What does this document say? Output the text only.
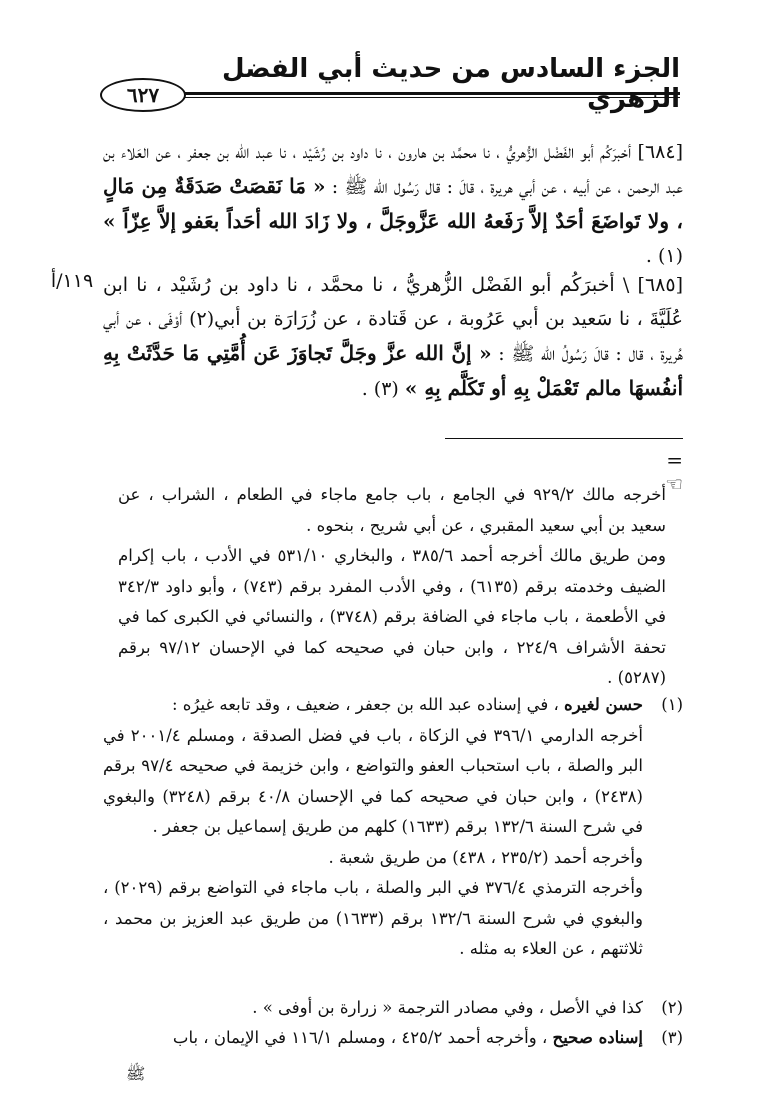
الجزء السادس من حديث أبي الفضل الزهري
٦٢٧
١١٩/أ
[٦٨٤] أخبرَكُم أبو الفَضْل الزُّهريُّ ، نا محمَّد بن هارون ، نا داود بن رُشَيْد ، نا عبد الله بن جعفر ، عن العَلاء بن عبد الرحمن ، عن أبيه ، عن أبي هريرة ، قالَ : قال رَسُول الله ﷺ : « مَا نَقصَتْ صَدَقَةٌ مِن مَالٍ ، ولا تَواضَعَ أحَدٌ إلاَّ رَفَعهُ الله عَزَّوجَلَّ ، ولا زَادَ الله أحَداً بعَفو إلاَّ عِزّاً » (١) .
[٦٨٥] \ أخبرَكُم أبو الفَضْل الزُّهريُّ ، نا محمَّد ، نا داود بن رُشَيْد ، نا ابن عُلَيَّةَ ، نا سَعيد بن أبي عَرُوبة ، عن قَتادة ، عن زُرَارَة بن أبي(٢) أوْفَى ، عن أبي هُريرة ، قال : قالَ رَسُولُ الله ﷺ : « إنَّ الله عزَّ وجَلَّ تَجاوَزَ عَن أُمَّتِي مَا حَدَّثَتْ بِهِ أنفُسهَا مالم تَعْمَلْ بِهِ أو تَكَلَّم بِهِ » (٣) .
= ☜
أخرجه مالك ٩٢٩/٢ في الجامع ، باب جامع ماجاء في الطعام ، الشراب ، عن سعيد بن أبي سعيد المقبري ، عن أبي شريح ، بنحوه .
ومن طريق مالك أخرجه أحمد ٣٨٥/٦ ، والبخاري ٥٣١/١٠ في الأدب ، باب إكرام الضيف وخدمته برقم (٦١٣٥) ، وفي الأدب المفرد برقم (٧٤٣) ، وأبو داود ٣٤٢/٣ في الأطعمة ، باب ماجاء في الضافة برقم (٣٧٤٨) ، والنسائي في الكبرى كما في تحفة الأشراف ٢٢٤/٩ ، وابن حبان في صحيحه كما في الإحسان ٩٧/١٢ برقم (٥٢٨٧) .
(١)
حسن لغيره ، في إسناده عبد الله بن جعفر ، ضعيف ، وقد تابعه غيرُه :
أخرجه الدارمي ٣٩٦/١ في الزكاة ، باب في فضل الصدقة ، ومسلم ٢٠٠١/٤ في البر والصلة ، باب استحباب العفو والتواضع ، وابن خزيمة في صحيحه ٩٧/٤ برقم (٢٤٣٨) ، وابن حبان في صحيحه كما في الإحسان ٤٠/٨ برقم (٣٢٤٨) والبغوي في شرح السنة ١٣٢/٦ برقم (١٦٣٣) كلهم من طريق إسماعيل بن جعفر .
وأخرجه أحمد (٢٣٥/٢ ، ٤٣٨) من طريق شعبة .
وأخرجه الترمذي ٣٧٦/٤ في البر والصلة ، باب ماجاء في التواضع برقم (٢٠٢٩) ، والبغوي في شرح السنة ١٣٢/٦ برقم (١٦٣٣) من طريق عبد العزيز بن محمد ، ثلاثتهم ، عن العلاء به مثله .
(٢)
كذا في الأصل ، وفي مصادر الترجمة « زرارة بن أوفى » .
(٣)
إسناده صحيح ، وأخرجه أحمد ٤٢٥/٢ ، ومسلم ١١٦/١ في الإيمان ، باب
ﷺ
